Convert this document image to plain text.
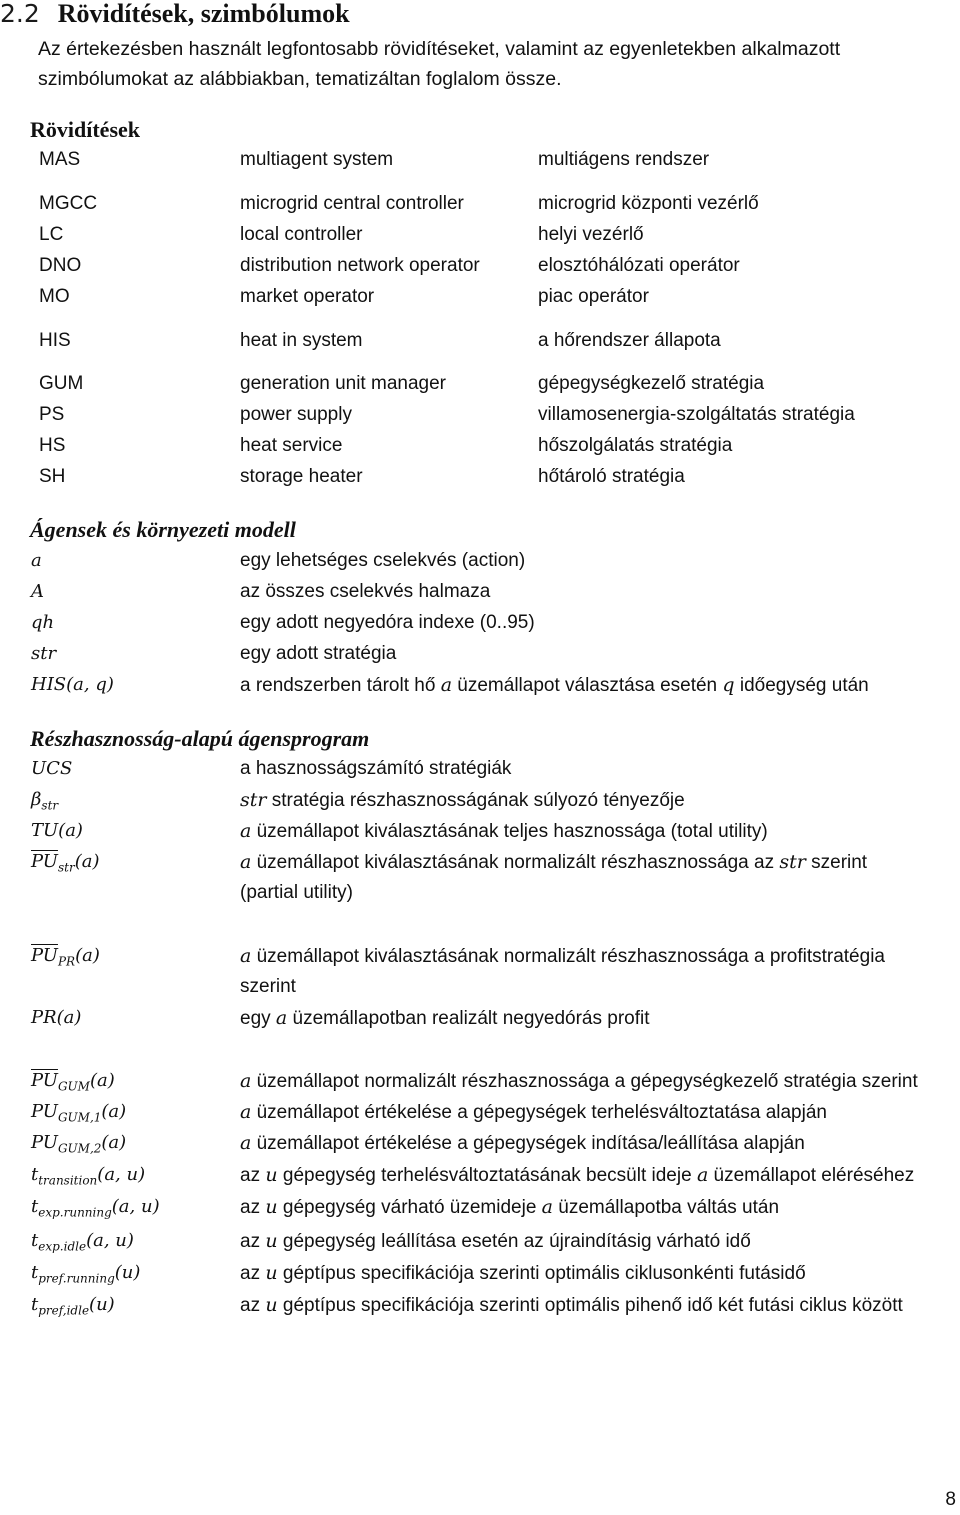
2.2 Rövidítések, szimbólumok
Az értekezésben használt legfontosabb rövidítéseket, valamint az egyenletekben alkalmazott
szimbólumokat az alábbiakban, tematizáltan foglalom össze.
Rövidítések
MAS	multiagent system	multiágens rendszer
MGCC	microgrid central controller	microgrid központi vezérlő
LC	local controller	helyi vezérlő
DNO	distribution network operator	elosztóhálózati operátor
MO	market operator	piac operátor
HIS	heat in system	a hőrendszer állapota
GUM	generation unit manager	gépegységkezelő stratégia
PS	power supply	villamosenergia-szolgáltatás stratégia
HS	heat service	hőszolgálatás stratégia
SH	storage heater	hőtároló stratégia
Ágensek és környezeti modell
a	egy lehetséges cselekvés (action)
A	az összes cselekvés halmaza
qh	egy adott negyedóra indexe (0..95)
str	egy adott stratégia
HIS(a, q)	a rendszerben tárolt hő a üzemállapot választása esetén q időegység után
Részhasznosság-alapú ágensprogram
UCS	a hasznosságszámító stratégiák
$\beta_{str}$	str stratégia részhasznosságának súlyozó tényezője
TU(a)	a üzemállapot kiválasztásának teljes hasznossága (total utility)
$\overline{PU}_{str}(a)$	a üzemállapot kiválasztásának normalizált részhasznossága az str szerint
(partial utility)
$\overline{PU}_{PR}(a)$	a üzemállapot kiválasztásának normalizált részhasznossága a profitstratégia
szerint
PR(a)	egy a üzemállapotban realizált negyedórás profit
$\overline{PU}_{GUM}(a)$	a üzemállapot normalizált részhasznossága a gépegységkezelő stratégia szerint
$PU_{GUM,1}(a)$	a üzemállapot értékelése a gépegységek terhelésváltoztatása alapján
$PU_{GUM,2}(a)$	a üzemállapot értékelése a gépegységek indítása/leállítása alapján
$t_{transition}(a$, u)	az u gépegység terhelésváltoztatásának becsült ideje a üzemállapot eléréséhez
$t_{exp.running}(a$, u)	az u gépegység várható üzemideje a üzemállapotba váltás után
$t_{exp.idle}(a$, u)	az u gépegység leállítása esetén az újraindításig várható idő
$t_{pref.running}(u)$	az u géptípus specifikációja szerinti optimális ciklusonkénti futásidő
$t_{pref,idle}(u)$	az u géptípus specifikációja szerinti optimális pihenő idő két futási ciklus között
8
